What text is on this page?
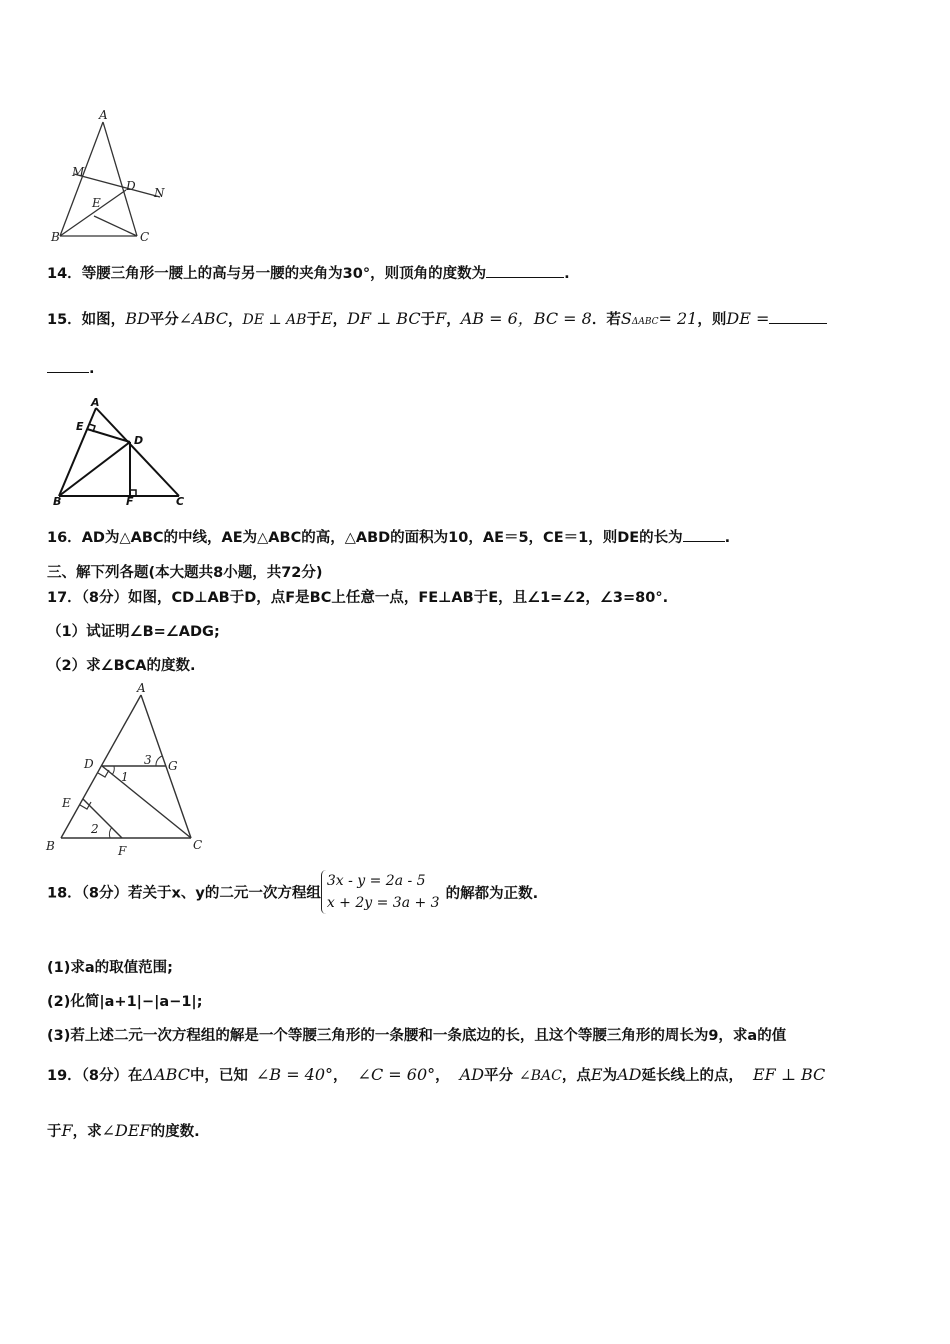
A
M
D N
E
B	C
14．等腰三角形一腰上的高与另一腰的夹角为30°，则顶角的度数为	.
15．如图，BD平分∠ABC，DE ⊥ AB于E，DF ⊥ BC于F，AB = 6，BC = 8．若SΔABC= 21，则DE =
.
A
E
D
B	F	C
16．AD为△ABC的中线，AE为△ABC的高，△ABD的面积为10，AE＝5，CE＝1，则DE的长为	.
三、解下列各题(本大题共8小题，共72分)
17．（8分）如图，CD⊥AB于D，点F是BC上任意一点，FE⊥AB于E，且∠1=∠2，∠3=80°.
（1）试证明∠B=∠ADG;
（2）求∠BCA的度数.
A
D	3 G
1
E
2
B	F	C
18．（8分）若关于x、y的二元一次方程组3x - y = 2a - 5
x + 2y = 3a + 3的解都为正数.
(1)求a的取值范围;
(2)化简|a+1|−|a−1|;
(3)若上述二元一次方程组的解是一个等腰三角形的一条腰和一条底边的长，且这个等腰三角形的周长为9，求a的值
19．（8分）在ΔABC中，已知 ∠B = 40°， ∠C = 60°， AD平分 ∠BAC，点E为AD延长线上的点， EF ⊥ BC
于F，求∠DEF的度数.
